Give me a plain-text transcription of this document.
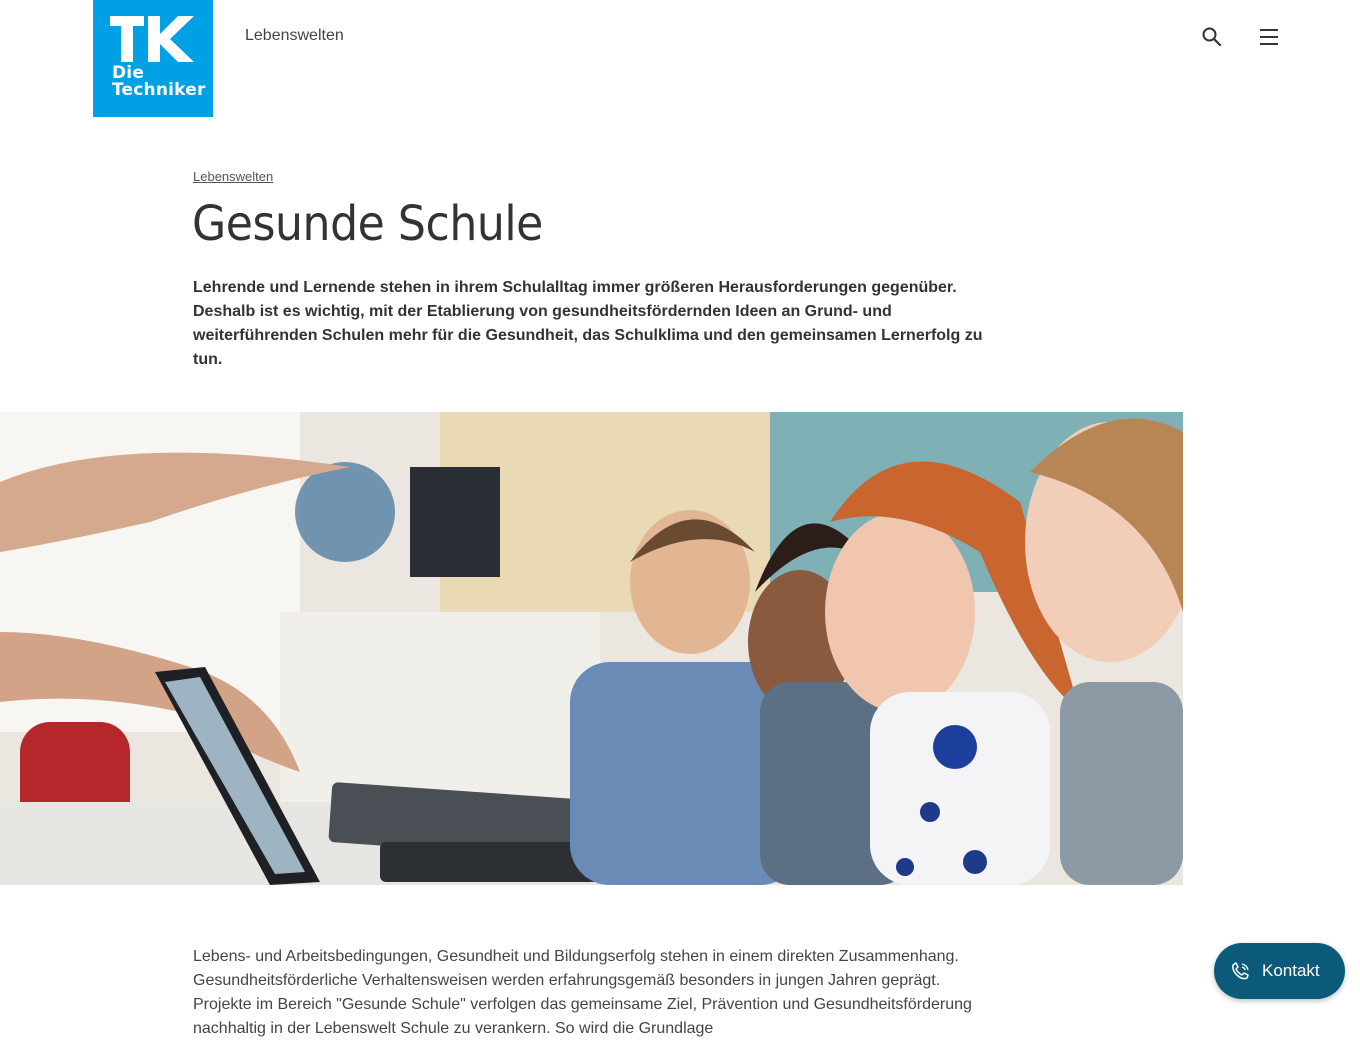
Die
Techniker
Lebenswelten
Lebenswelten
Gesunde Schule

Lehrende und Lernende stehen in ihrem Schulalltag immer größeren Herausforderungen gegenüber. Deshalb ist es wichtig, mit der Etablierung von gesundheitsfördernden Ideen an Grund- und weiterführenden Schulen mehr für die Gesundheit, das Schulklima und den gemeinsamen Lernerfolg zu tun.

Lebens- und Arbeitsbedingungen, Gesundheit und Bildungserfolg stehen in einem direkten Zusammenhang. Gesundheitsförderliche Verhaltensweisen werden erfahrungsgemäß besonders in jungen Jahren geprägt. Projekte im Bereich "Gesunde Schule" verfolgen das gemeinsame Ziel, Prävention und Gesundheitsförderung nachhaltig in der Lebenswelt Schule zu verankern. So wird die Grundlage

Kontakt
